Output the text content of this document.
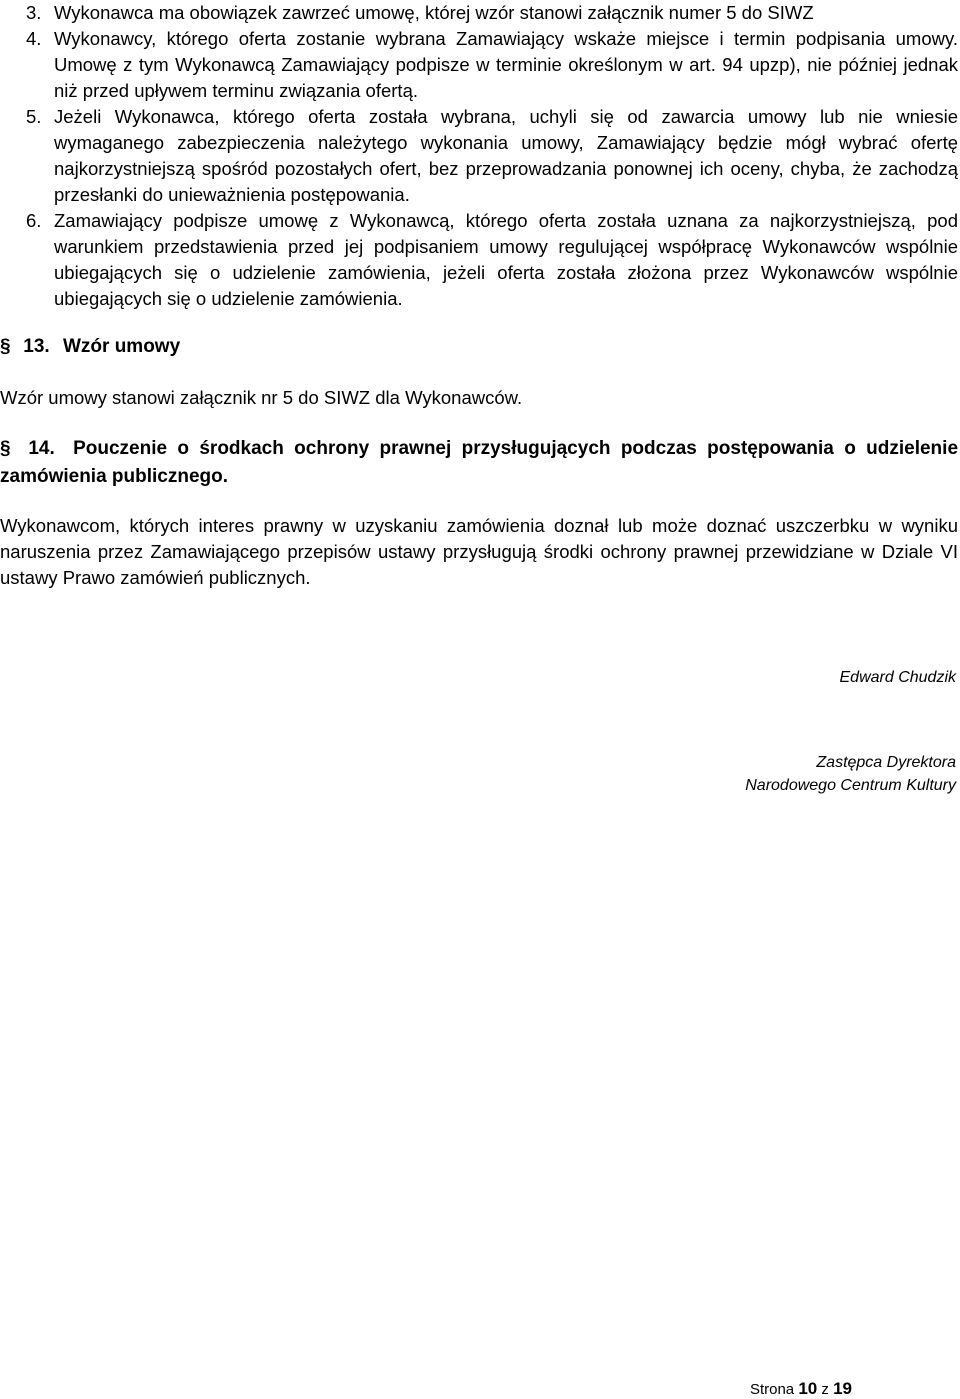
3. Wykonawca ma obowiązek zawrzeć umowę, której wzór stanowi załącznik numer 5 do SIWZ

4. Wykonawcy, którego oferta zostanie wybrana Zamawiający wskaże miejsce i termin podpisania umowy. Umowę z tym Wykonawcą Zamawiający podpisze w terminie określonym w art. 94 upzp), nie później jednak niż przed upływem terminu związania ofertą.

5. Jeżeli Wykonawca, którego oferta została wybrana, uchyli się od zawarcia umowy lub nie wniesie wymaganego zabezpieczenia należytego wykonania umowy, Zamawiający będzie mógł wybrać ofertę najkorzystniejszą spośród pozostałych ofert, bez przeprowadzania ponownej ich oceny, chyba, że zachodzą przesłanki do unieważnienia postępowania.

6. Zamawiający podpisze umowę z Wykonawcą, którego oferta została uznana za najkorzystniejszą, pod warunkiem przedstawienia przed jej podpisaniem umowy regulującej współpracę Wykonawców wspólnie ubiegających się o udzielenie zamówienia, jeżeli oferta została złożona przez Wykonawców wspólnie ubiegających się o udzielenie zamówienia.

§ 13. Wzór umowy
Wzór umowy stanowi załącznik nr 5 do SIWZ dla Wykonawców.
§ 14. Pouczenie o środkach ochrony prawnej przysługujących podczas postępowania o udzielenie zamówienia publicznego.
Wykonawcom, których interes prawny w uzyskaniu zamówienia doznał lub może doznać uszczerbku w wyniku naruszenia przez Zamawiającego przepisów ustawy przysługują środki ochrony prawnej przewidziane w Dziale VI ustawy Prawo zamówień publicznych.
Edward Chudzik
Zastępca Dyrektora
Narodowego Centrum Kultury
Strona 10 z 19
